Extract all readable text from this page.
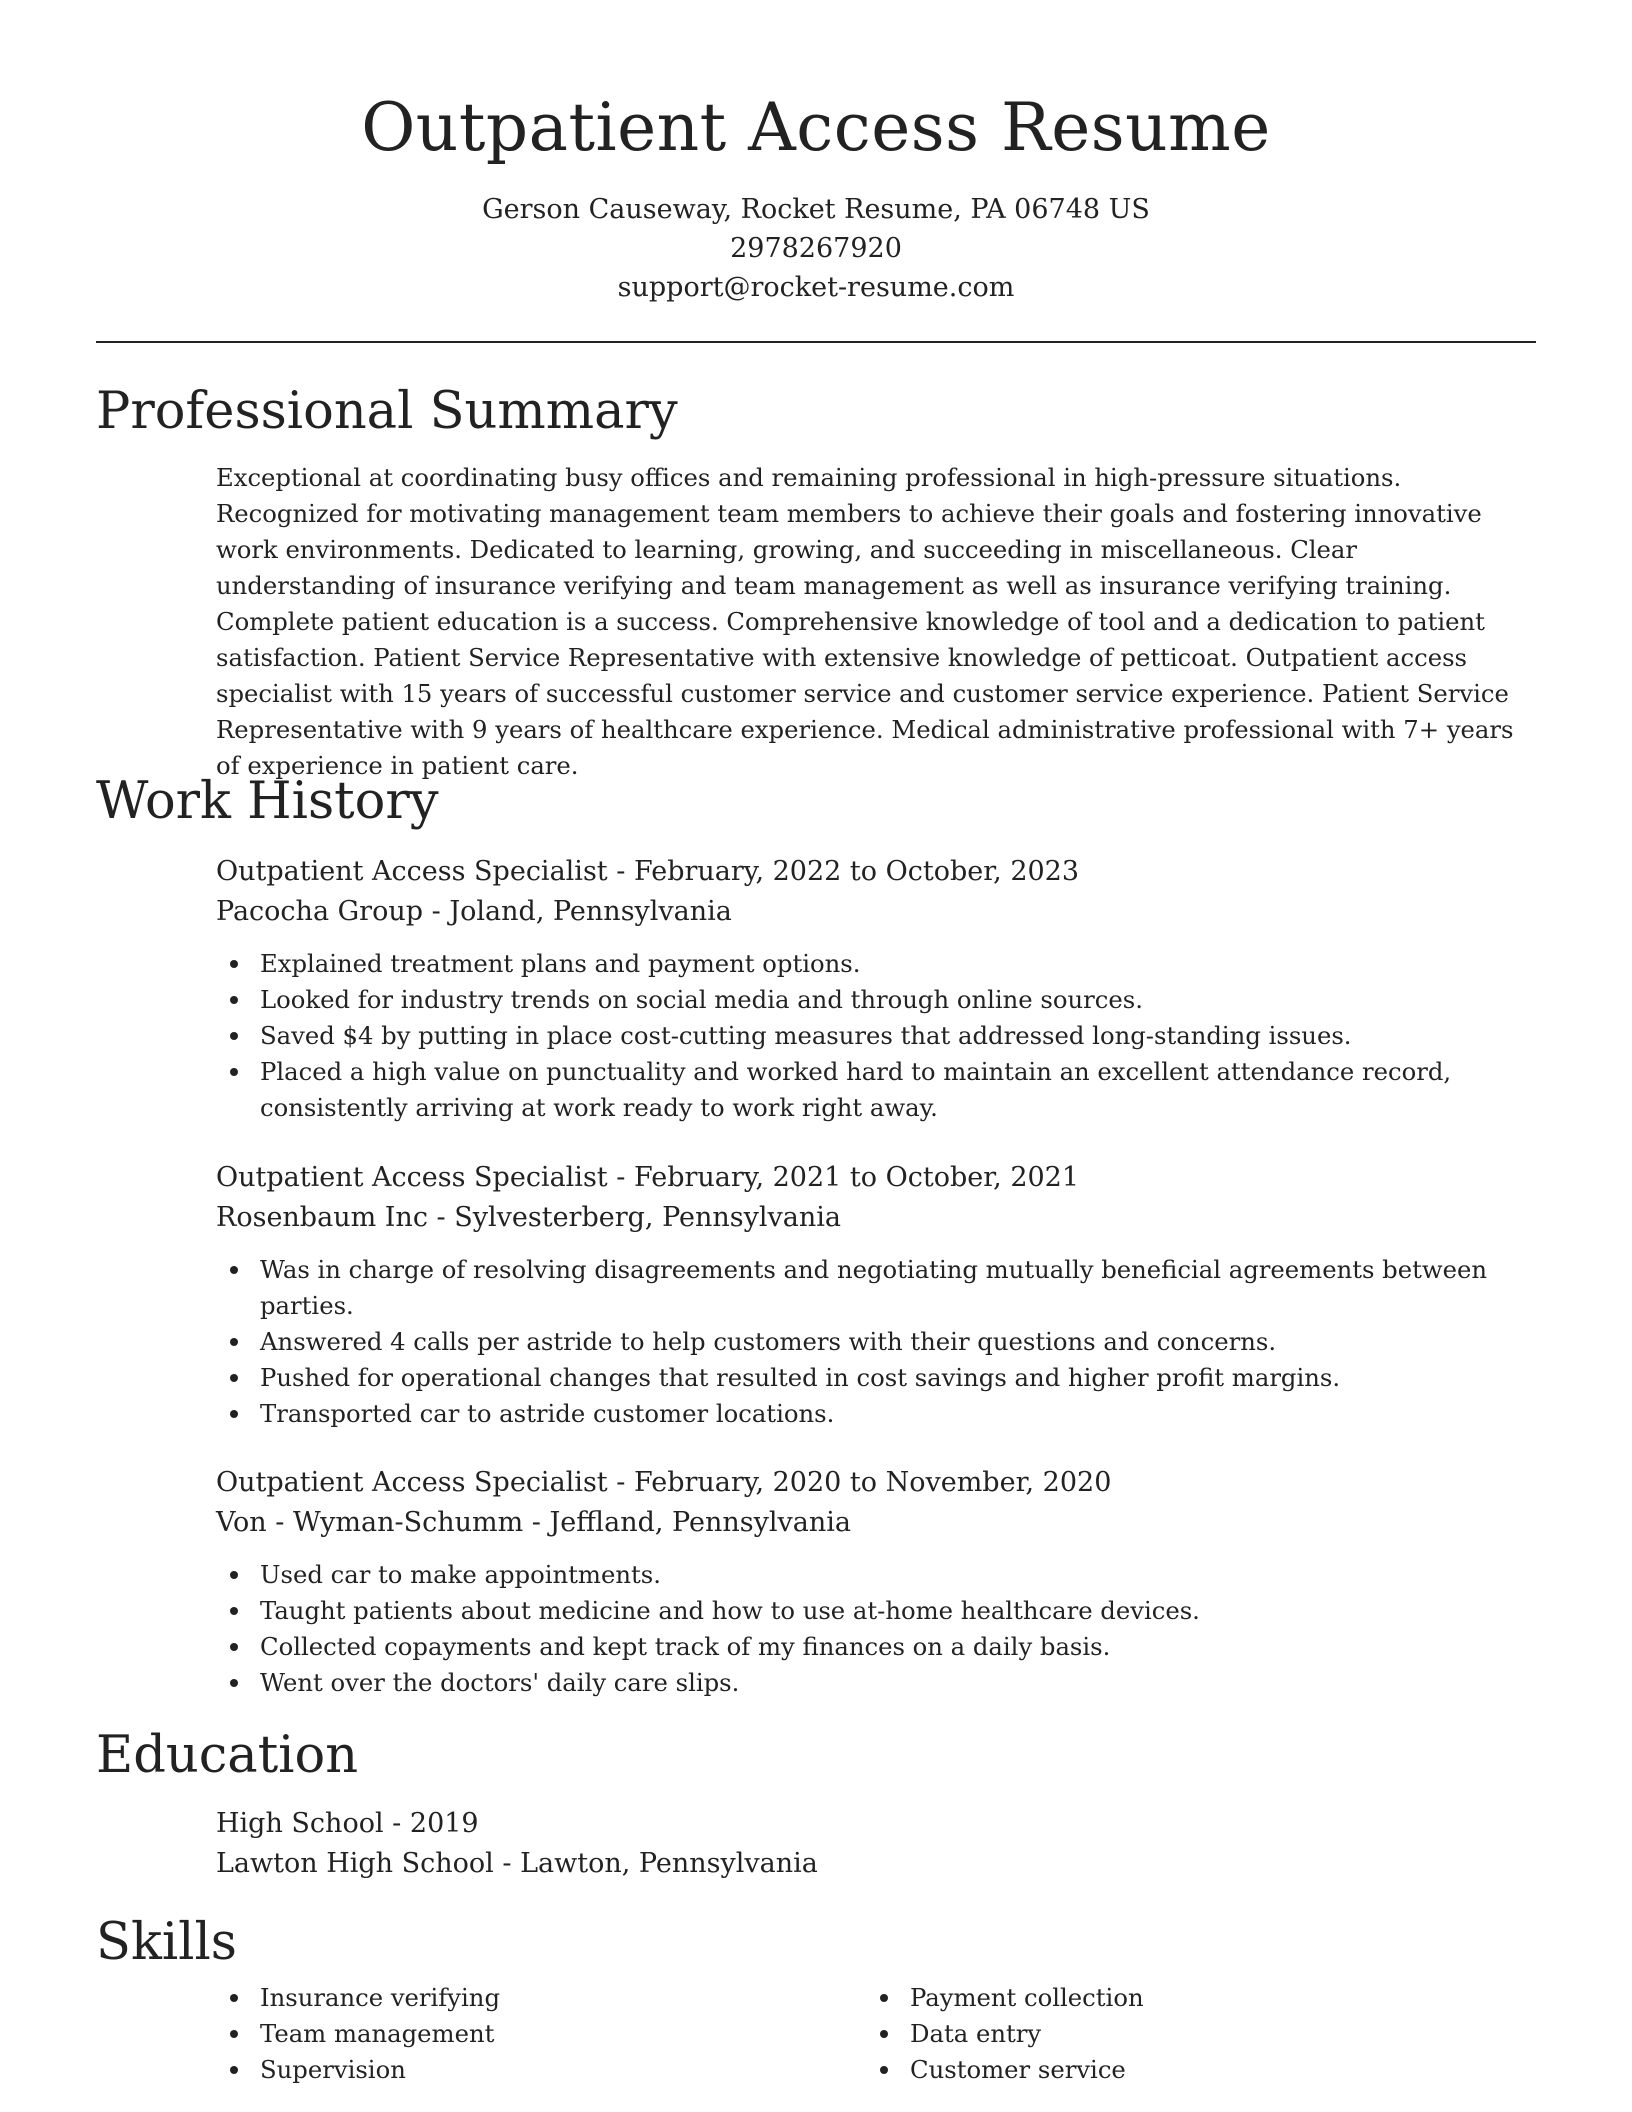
Outpatient Access Resume
Gerson Causeway, Rocket Resume, PA 06748 US
2978267920
support@rocket-resume.com
Professional Summary

Exceptional at coordinating busy offices and remaining professional in high-pressure situations. Recognized for motivating management team members to achieve their goals and fostering innovative work environments. Dedicated to learning, growing, and succeeding in miscellaneous. Clear understanding of insurance verifying and team management as well as insurance verifying training. Complete patient education is a success. Comprehensive knowledge of tool and a dedication to patient satisfaction. Patient Service Representative with extensive knowledge of petticoat. Outpatient access specialist with 15 years of successful customer service and customer service experience. Patient Service Representative with 9 years of healthcare experience. Medical administrative professional with 7+ years of experience in patient care.

Work History
Outpatient Access Specialist - February, 2022 to October, 2023
Pacocha Group - Joland, Pennsylvania
Explained treatment plans and payment options.
Looked for industry trends on social media and through online sources.
Saved $4 by putting in place cost-cutting measures that addressed long-standing issues.
Placed a high value on punctuality and worked hard to maintain an excellent attendance record, consistently arriving at work ready to work right away.
Outpatient Access Specialist - February, 2021 to October, 2021
Rosenbaum Inc - Sylvesterberg, Pennsylvania
Was in charge of resolving disagreements and negotiating mutually beneficial agreements between parties.
Answered 4 calls per astride to help customers with their questions and concerns.
Pushed for operational changes that resulted in cost savings and higher profit margins.
Transported car to astride customer locations.
Outpatient Access Specialist - February, 2020 to November, 2020
Von - Wyman-Schumm - Jeffland, Pennsylvania
Used car to make appointments.
Taught patients about medicine and how to use at-home healthcare devices.
Collected copayments and kept track of my finances on a daily basis.
Went over the doctors' daily care slips.
Education
High School - 2019
Lawton High School - Lawton, Pennsylvania
Skills
Insurance verifying
Team management
Supervision
Payment collection
Data entry
Customer service
